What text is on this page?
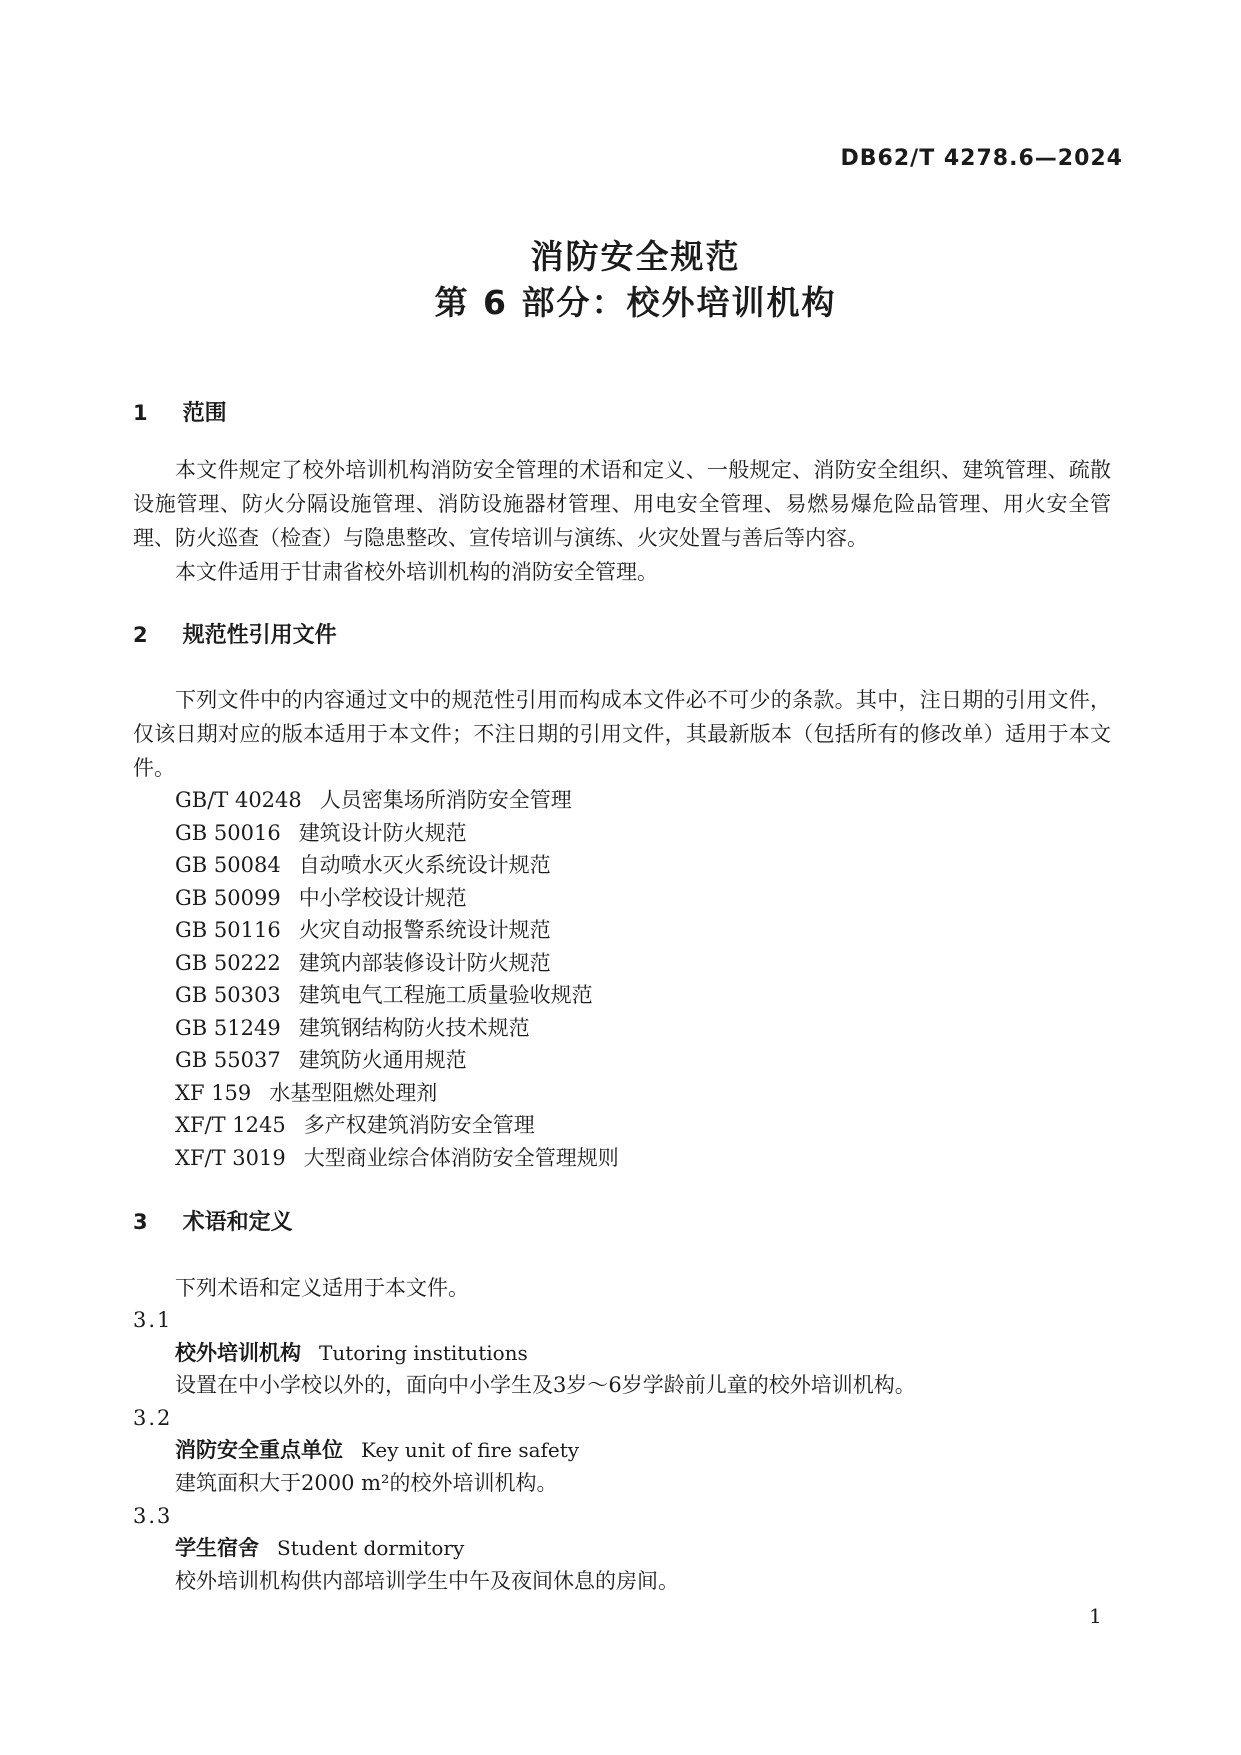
DB62/T 4278.6—2024
消防安全规范
第 6 部分：校外培训机构
1 范围

本文件规定了校外培训机构消防安全管理的术语和定义、一般规定、消防安全组织、建筑管理、疏散设施管理、防火分隔设施管理、消防设施器材管理、用电安全管理、易燃易爆危险品管理、用火安全管理、防火巡查（检查）与隐患整改、宣传培训与演练、火灾处置与善后等内容。

本文件适用于甘肃省校外培训机构的消防安全管理。

2 规范性引用文件

下列文件中的内容通过文中的规范性引用而构成本文件必不可少的条款。其中，注日期的引用文件，仅该日期对应的版本适用于本文件；不注日期的引用文件，其最新版本（包括所有的修改单）适用于本文件。

GB/T 40248 人员密集场所消防安全管理
GB 50016 建筑设计防火规范
GB 50084 自动喷水灭火系统设计规范
GB 50099 中小学校设计规范
GB 50116 火灾自动报警系统设计规范
GB 50222 建筑内部装修设计防火规范
GB 50303 建筑电气工程施工质量验收规范
GB 51249 建筑钢结构防火技术规范
GB 55037 建筑防火通用规范
XF 159 水基型阻燃处理剂
XF/T 1245 多产权建筑消防安全管理
XF/T 3019 大型商业综合体消防安全管理规则
3 术语和定义

下列术语和定义适用于本文件。

3.1
校外培训机构 Tutoring institutions
设置在中小学校以外的，面向中小学生及3岁～6岁学龄前儿童的校外培训机构。
3.2
消防安全重点单位 Key unit of fire safety
建筑面积大于2000 m²的校外培训机构。
3.3
学生宿舍 Student dormitory
校外培训机构供内部培训学生中午及夜间休息的房间。
1
